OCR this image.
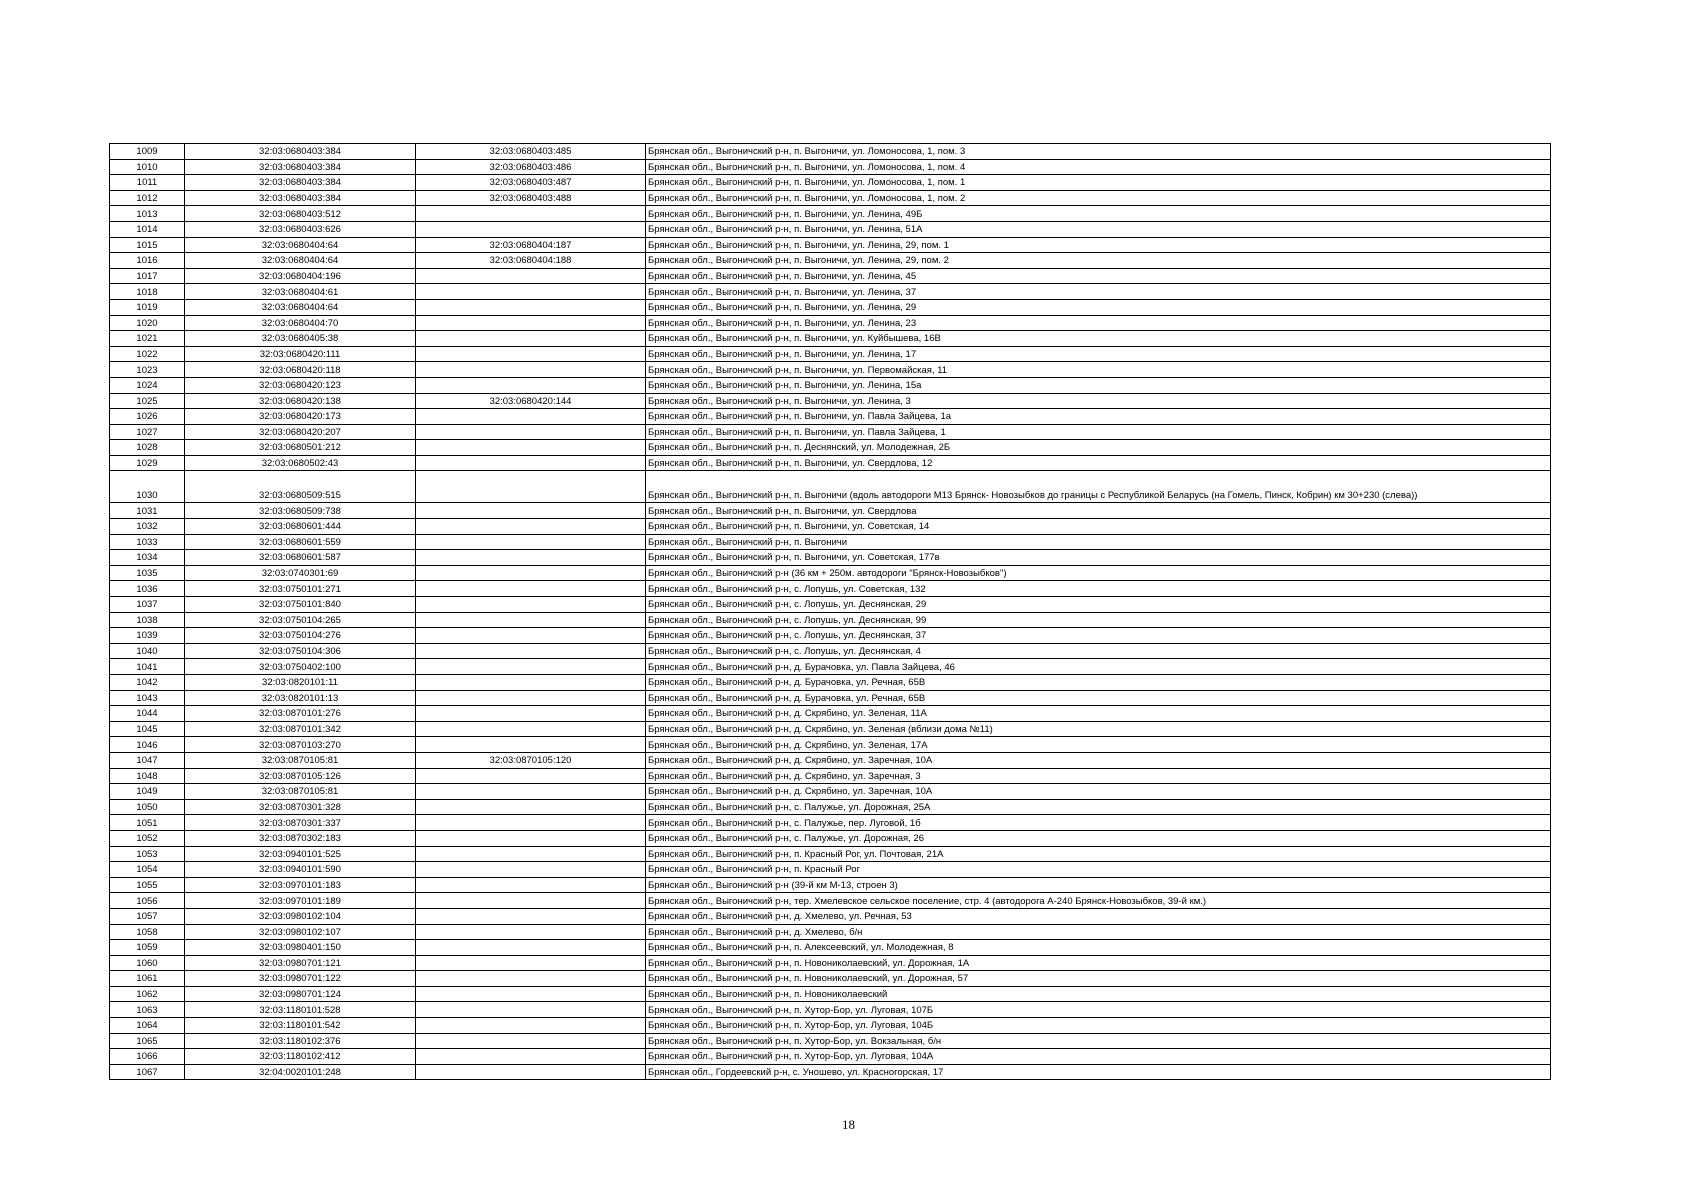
1009	32:03:0680403:384	32:03:0680403:485	Брянская обл., Выгоничский р-н, п. Выгоничи, ул. Ломоносова, 1, пом. 3
1010	32:03:0680403:384	32:03:0680403:486	Брянская обл., Выгоничский р-н, п. Выгоничи, ул. Ломоносова, 1, пом. 4
1011	32:03:0680403:384	32:03:0680403:487	Брянская обл., Выгоничский р-н, п. Выгоничи, ул. Ломоносова, 1, пом. 1
1012	32:03:0680403:384	32:03:0680403:488	Брянская обл., Выгоничский р-н, п. Выгоничи, ул. Ломоносова, 1, пом. 2
1013	32:03:0680403:512		Брянская обл., Выгоничский р-н, п. Выгоничи, ул. Ленина, 49Б
1014	32:03:0680403:626		Брянская обл., Выгоничский р-н, п. Выгоничи, ул. Ленина, 51А
1015	32:03:0680404:64	32:03:0680404:187	Брянская обл., Выгоничский р-н, п. Выгоничи, ул. Ленина, 29, пом. 1
1016	32:03:0680404:64	32:03:0680404:188	Брянская обл., Выгоничский р-н, п. Выгоничи, ул. Ленина, 29, пом. 2
1017	32:03:0680404:196		Брянская обл., Выгоничский р-н, п. Выгоничи, ул. Ленина, 45
1018	32:03:0680404:61		Брянская обл., Выгоничский р-н, п. Выгоничи, ул. Ленина, 37
1019	32:03:0680404:64		Брянская обл., Выгоничский р-н, п. Выгоничи, ул. Ленина, 29
1020	32:03:0680404:70		Брянская обл., Выгоничский р-н, п. Выгоничи, ул. Ленина, 23
1021	32:03:0680405:38		Брянская обл., Выгоничский р-н, п. Выгоничи, ул. Куйбышева, 16В
1022	32:03:0680420:111		Брянская обл., Выгоничский р-н, п. Выгоничи, ул. Ленина, 17
1023	32:03:0680420:118		Брянская обл., Выгоничский р-н, п. Выгоничи, ул. Первомайская, 11
1024	32:03:0680420:123		Брянская обл., Выгоничский р-н, п. Выгоничи, ул. Ленина, 15а
1025	32:03:0680420:138	32:03:0680420:144	Брянская обл., Выгоничский р-н, п. Выгоничи, ул. Ленина, 3
1026	32:03:0680420:173		Брянская обл., Выгоничский р-н, п. Выгоничи, ул. Павла Зайцева, 1а
1027	32:03:0680420:207		Брянская обл., Выгоничский р-н, п. Выгоничи, ул. Павла Зайцева, 1
1028	32:03:0680501:212		Брянская обл., Выгоничский р-н, п. Деснянский, ул. Молодежная, 2Б
1029	32:03:0680502:43		Брянская обл., Выгоничский р-н, п. Выгоничи, ул. Свердлова, 12
1030	32:03:0680509:515		Брянская обл., Выгоничский р-н, п. Выгоничи (вдоль автодороги М13 Брянск- Новозыбков до границы с Республикой Беларусь (на Гомель, Пинск, Кобрин) км 30+230 (слева))
1031	32:03:0680509:738		Брянская обл., Выгоничский р-н, п. Выгоничи, ул. Свердлова
1032	32:03:0680601:444		Брянская обл., Выгоничский р-н, п. Выгоничи, ул. Советская, 14
1033	32:03:0680601:559		Брянская обл., Выгоничский р-н, п. Выгоничи
1034	32:03:0680601:587		Брянская обл., Выгоничский р-н, п. Выгоничи, ул. Советская, 177в
1035	32:03:0740301:69		Брянская обл., Выгоничский р-н (36 км + 250м. автодороги "Брянск-Новозыбков")
1036	32:03:0750101:271		Брянская обл., Выгоничский р-н, с. Лопушь, ул. Советская, 132
1037	32:03:0750101:840		Брянская обл., Выгоничский р-н, с. Лопушь, ул. Деснянская, 29
1038	32:03:0750104:265		Брянская обл., Выгоничский р-н, с. Лопушь, ул. Деснянская, 99
1039	32:03:0750104:276		Брянская обл., Выгоничский р-н, с. Лопушь, ул. Деснянская, 37
1040	32:03:0750104:306		Брянская обл., Выгоничский р-н, с. Лопушь, ул. Деснянская, 4
1041	32:03:0750402:100		Брянская обл., Выгоничский р-н, д. Бурачовка, ул. Павла Зайцева, 46
1042	32:03:0820101:11		Брянская обл., Выгоничский р-н, д. Бурачовка, ул. Речная, 65В
1043	32:03:0820101:13		Брянская обл., Выгоничский р-н, д. Бурачовка, ул. Речная, 65В
1044	32:03:0870101:276		Брянская обл., Выгоничский р-н, д. Скрябино, ул. Зеленая, 11А
1045	32:03:0870101:342		Брянская обл., Выгоничский р-н, д. Скрябино, ул. Зеленая (вблизи дома №11)
1046	32:03:0870103:270		Брянская обл., Выгоничский р-н, д. Скрябино, ул. Зеленая, 17А
1047	32:03:0870105:81	32:03:0870105:120	Брянская обл., Выгоничский р-н, д. Скрябино, ул. Заречная, 10А
1048	32:03:0870105:126		Брянская обл., Выгоничский р-н, д. Скрябино, ул. Заречная, 3
1049	32:03:0870105:81		Брянская обл., Выгоничский р-н, д. Скрябино, ул. Заречная, 10А
1050	32:03:0870301:328		Брянская обл., Выгоничский р-н, с. Палужье, ул. Дорожная, 25А
1051	32:03:0870301:337		Брянская обл., Выгоничский р-н, с. Палужье, пер. Луговой, 1б
1052	32:03:0870302:183		Брянская обл., Выгоничский р-н, с. Палужье, ул. Дорожная, 26
1053	32:03:0940101:525		Брянская обл., Выгоничский р-н, п. Красный Рог, ул. Почтовая, 21А
1054	32:03:0940101:590		Брянская обл., Выгоничский р-н, п. Красный Рог
1055	32:03:0970101:183		Брянская обл., Выгоничский р-н (39-й км М-13, строен 3)
1056	32:03:0970101:189		Брянская обл., Выгоничский р-н, тер. Хмелевское сельское поселение, стр. 4 (автодорога А-240 Брянск-Новозыбков, 39-й км.)
1057	32:03:0980102:104		Брянская обл., Выгоничский р-н, д. Хмелево, ул. Речная, 53
1058	32:03:0980102:107		Брянская обл., Выгоничский р-н, д. Хмелево, б/н
1059	32:03:0980401:150		Брянская обл., Выгоничский р-н, п. Алексеевский, ул. Молодежная, 8
1060	32:03:0980701:121		Брянская обл., Выгоничский р-н, п. Новониколаевский, ул. Дорожная, 1А
1061	32:03:0980701:122		Брянская обл., Выгоничский р-н, п. Новониколаевский, ул. Дорожная, 57
1062	32:03:0980701:124		Брянская обл., Выгоничский р-н, п. Новониколаевский
1063	32:03:1180101:528		Брянская обл., Выгоничский р-н, п. Хутор-Бор, ул. Луговая, 107Б
1064	32:03:1180101:542		Брянская обл., Выгоничский р-н, п. Хутор-Бор, ул. Луговая, 104Б
1065	32:03:1180102:376		Брянская обл., Выгоничский р-н, п. Хутор-Бор, ул. Вокзальная, б/н
1066	32:03:1180102:412		Брянская обл., Выгоничский р-н, п. Хутор-Бор, ул. Луговая, 104А
1067	32:04:0020101:248		Брянская обл., Гордеевский р-н, с. Уношево, ул. Красногорская, 17
18
